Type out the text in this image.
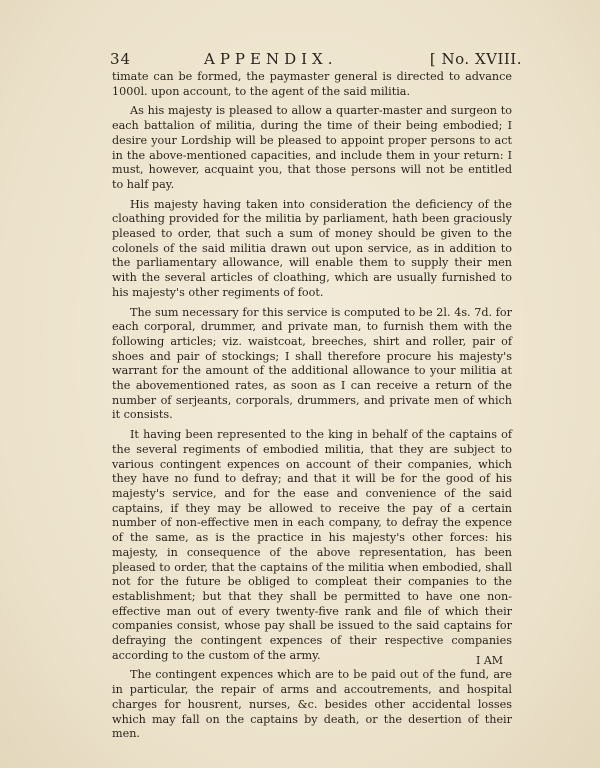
34	APPENDIX.	[ No. XVIII.

timate can be formed, the paymaster general is directed to advance 1000l. upon account, to the agent of the said militia.

As his majesty is pleased to allow a quarter-master and surgeon to each battalion of militia, during the time of their being embodied; I desire your Lordship will be pleased to appoint proper persons to act in the above-mentioned capacities, and include them in your return: I must, however, acquaint you, that those persons will not be entitled to half pay.

His majesty having taken into consideration the deficiency of the cloathing provided for the militia by parliament, hath been graciously pleased to order, that such a sum of money should be given to the colonels of the said militia drawn out upon service, as in addition to the parliamentary allowance, will enable them to supply their men with the several articles of cloathing, which are usually furnished to his majesty's other regiments of foot.

The sum necessary for this service is computed to be 2l. 4s. 7d. for each corporal, drummer, and private man, to furnish them with the following articles; viz. waistcoat, breeches, shirt and roller, pair of shoes and pair of stockings; I shall therefore procure his majesty's warrant for the amount of the additional allowance to your militia at the abovementioned rates, as soon as I can receive a return of the number of serjeants, corporals, drummers, and private men of which it consists.

It having been represented to the king in behalf of the captains of the several regiments of embodied militia, that they are subject to various contingent expences on account of their companies, which they have no fund to defray; and that it will be for the good of his majesty's service, and for the ease and convenience of the said captains, if they may be allowed to receive the pay of a certain number of non-effective men in each company, to defray the expence of the same, as is the practice in his majesty's other forces: his majesty, in consequence of the above representation, has been pleased to order, that the captains of the militia when embodied, shall not for the future be obliged to compleat their companies to the establishment; but that they shall be permitted to have one non-effective man out of every twenty-five rank and file of which their companies consist, whose pay shall be issued to the said captains for defraying the contingent expences of their respective companies according to the custom of the army.

The contingent expences which are to be paid out of the fund, are in particular, the repair of arms and accoutrements, and hospital charges for housrent, nurses, &c. besides other accidental losses which may fall on the captains by death, or the desertion of their men.

I AM
